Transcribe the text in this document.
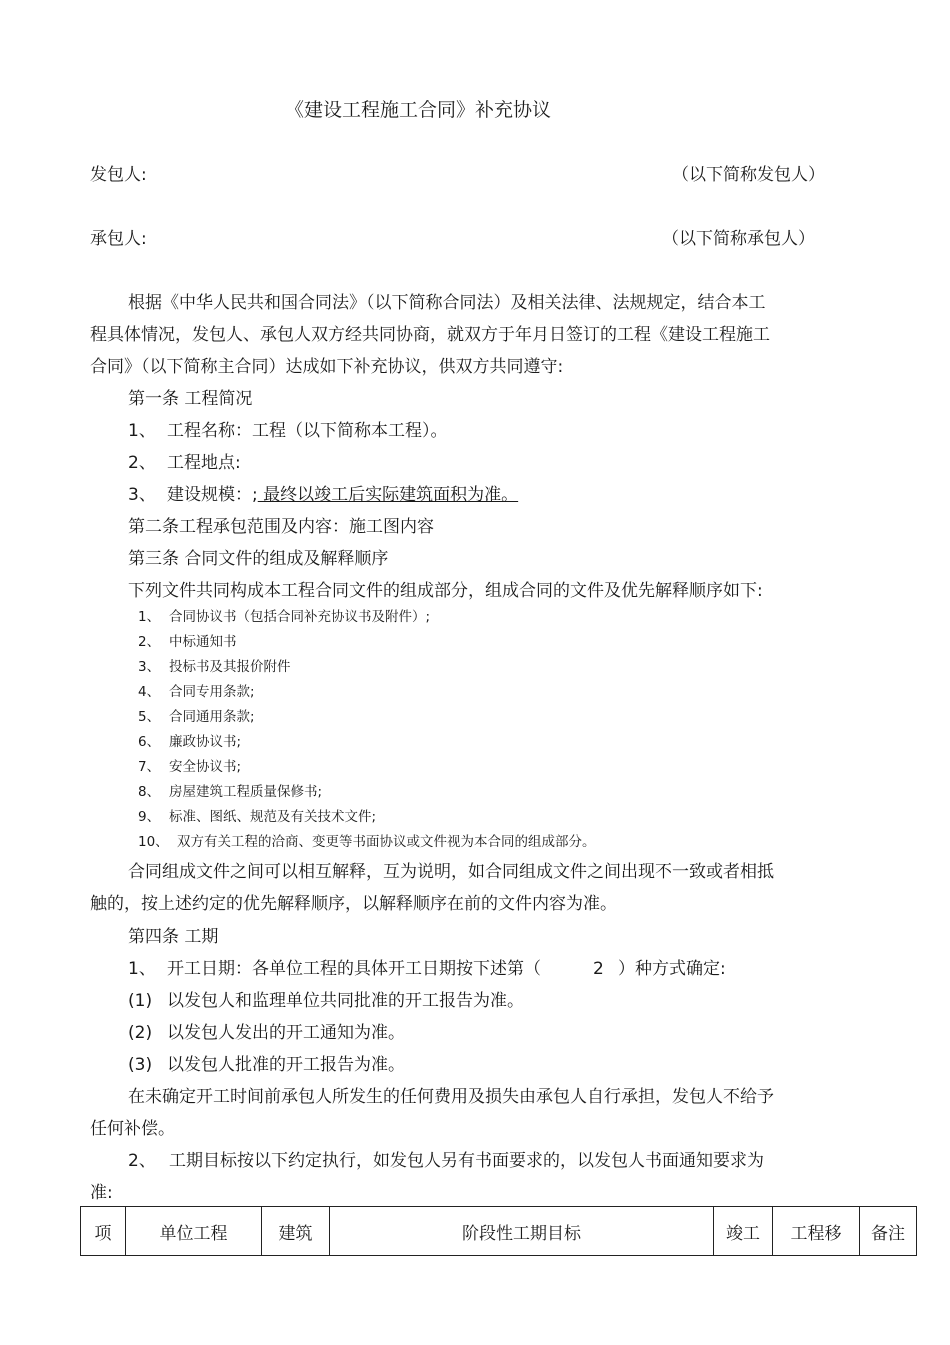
《建设工程施工合同》补充协议
发包人:	（以下简称发包人）
承包人:	（以下简称承包人）
根据《中华人民共和国合同法》（以下简称合同法）及相关法律、法规规定，结合本工
程具体情况，发包人、承包人双方经共同协商，就双方于年月日签订的工程《建设工程施工
合同》（以下简称主合同）达成如下补充协议，供双方共同遵守:
第一条 工程简况
1、 工程名称：工程（以下简称本工程）。
2、 工程地点:
3、 建设规模：; 最终以竣工后实际建筑面积为准。
第二条工程承包范围及内容：施工图内容
第三条 合同文件的组成及解释顺序
下列文件共同构成本工程合同文件的组成部分，组成合同的文件及优先解释顺序如下:
1、 合同协议书（包括合同补充协议书及附件）;
2、 中标通知书
3、 投标书及其报价附件
4、 合同专用条款;
5、 合同通用条款;
6、 廉政协议书;
7、 安全协议书;
8、 房屋建筑工程质量保修书;
9、 标准、图纸、规范及有关技术文件;
10、 双方有关工程的洽商、变更等书面协议或文件视为本合同的组成部分。
合同组成文件之间可以相互解释，互为说明，如合同组成文件之间出现不一致或者相抵
触的，按上述约定的优先解释顺序，以解释顺序在前的文件内容为准。
第四条 工期
1、 开工日期：各单位工程的具体开工日期按下述第（	2 ）种方式确定:
(1) 以发包人和监理单位共同批准的开工报告为准。
(2) 以发包人发出的开工通知为准。
(3) 以发包人批准的开工报告为准。
在未确定开工时间前承包人所发生的任何费用及损失由承包人自行承担，发包人不给予
任何补偿。
2、 工期目标按以下约定执行，如发包人另有书面要求的，以发包人书面通知要求为
准:
项	单位工程	建筑	阶段性工期目标	竣工	工程移	备注
